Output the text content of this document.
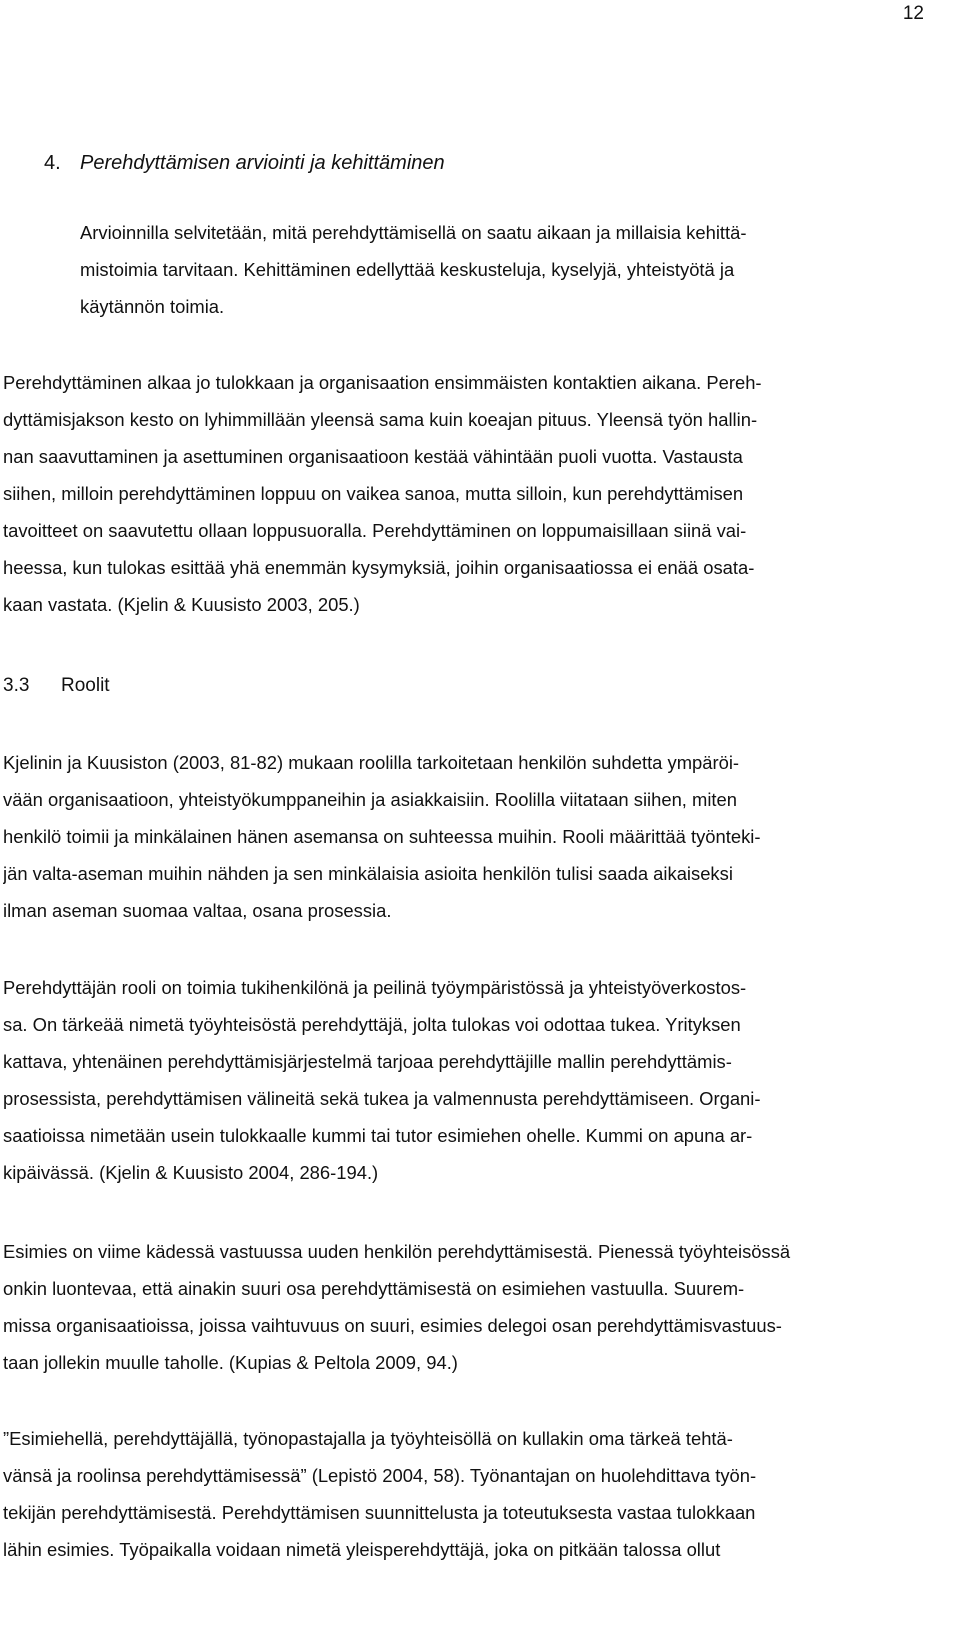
12
4. Perehdyttämisen arviointi ja kehittäminen
Arvioinnilla selvitetään, mitä perehdyttämisellä on saatu aikaan ja millaisia kehittä-
mistoimia tarvitaan. Kehittäminen edellyttää keskusteluja, kyselyjä, yhteistyötä ja
käytännön toimia.
Perehdyttäminen alkaa jo tulokkaan ja organisaation ensimmäisten kontaktien aikana. Pereh-
dyttämisjakson kesto on lyhimmillään yleensä sama kuin koeajan pituus. Yleensä työn hallin-
nan saavuttaminen ja asettuminen organisaatioon kestää vähintään puoli vuotta. Vastausta
siihen, milloin perehdyttäminen loppuu on vaikea sanoa, mutta silloin, kun perehdyttämisen
tavoitteet on saavutettu ollaan loppusuoralla. Perehdyttäminen on loppumaisillaan siinä vai-
heessa, kun tulokas esittää yhä enemmän kysymyksiä, joihin organisaatiossa ei enää osata-
kaan vastata. (Kjelin & Kuusisto 2003, 205.)
3.3 Roolit
Kjelinin ja Kuusiston (2003, 81-82) mukaan roolilla tarkoitetaan henkilön suhdetta ympäröi-
vään organisaatioon, yhteistyökumppaneihin ja asiakkaisiin. Roolilla viitataan siihen, miten
henkilö toimii ja minkälainen hänen asemansa on suhteessa muihin. Rooli määrittää työnteki-
jän valta-aseman muihin nähden ja sen minkälaisia asioita henkilön tulisi saada aikaiseksi
ilman aseman suomaa valtaa, osana prosessia.
Perehdyttäjän rooli on toimia tukihenkilönä ja peilinä työympäristössä ja yhteistyöverkostos-
sa. On tärkeää nimetä työyhteisöstä perehdyttäjä, jolta tulokas voi odottaa tukea. Yrityksen
kattava, yhtenäinen perehdyttämisjärjestelmä tarjoaa perehdyttäjille mallin perehdyttämis-
prosessista, perehdyttämisen välineitä sekä tukea ja valmennusta perehdyttämiseen. Organi-
saatioissa nimetään usein tulokkaalle kummi tai tutor esimiehen ohelle. Kummi on apuna ar-
kipäivässä. (Kjelin & Kuusisto 2004, 286-194.)
Esimies on viime kädessä vastuussa uuden henkilön perehdyttämisestä. Pienessä työyhteisössä
onkin luontevaa, että ainakin suuri osa perehdyttämisestä on esimiehen vastuulla. Suurem-
missa organisaatioissa, joissa vaihtuvuus on suuri, esimies delegoi osan perehdyttämisvastuus-
taan jollekin muulle taholle. (Kupias & Peltola 2009, 94.)
”Esimiehellä, perehdyttäjällä, työnopastajalla ja työyhteisöllä on kullakin oma tärkeä tehtä-
vänsä ja roolinsa perehdyttämisessä” (Lepistö 2004, 58). Työnantajan on huolehdittava työn-
tekijän perehdyttämisestä. Perehdyttämisen suunnittelusta ja toteutuksesta vastaa tulokkaan
lähin esimies. Työpaikalla voidaan nimetä yleisperehdyttäjä, joka on pitkään talossa ollut
